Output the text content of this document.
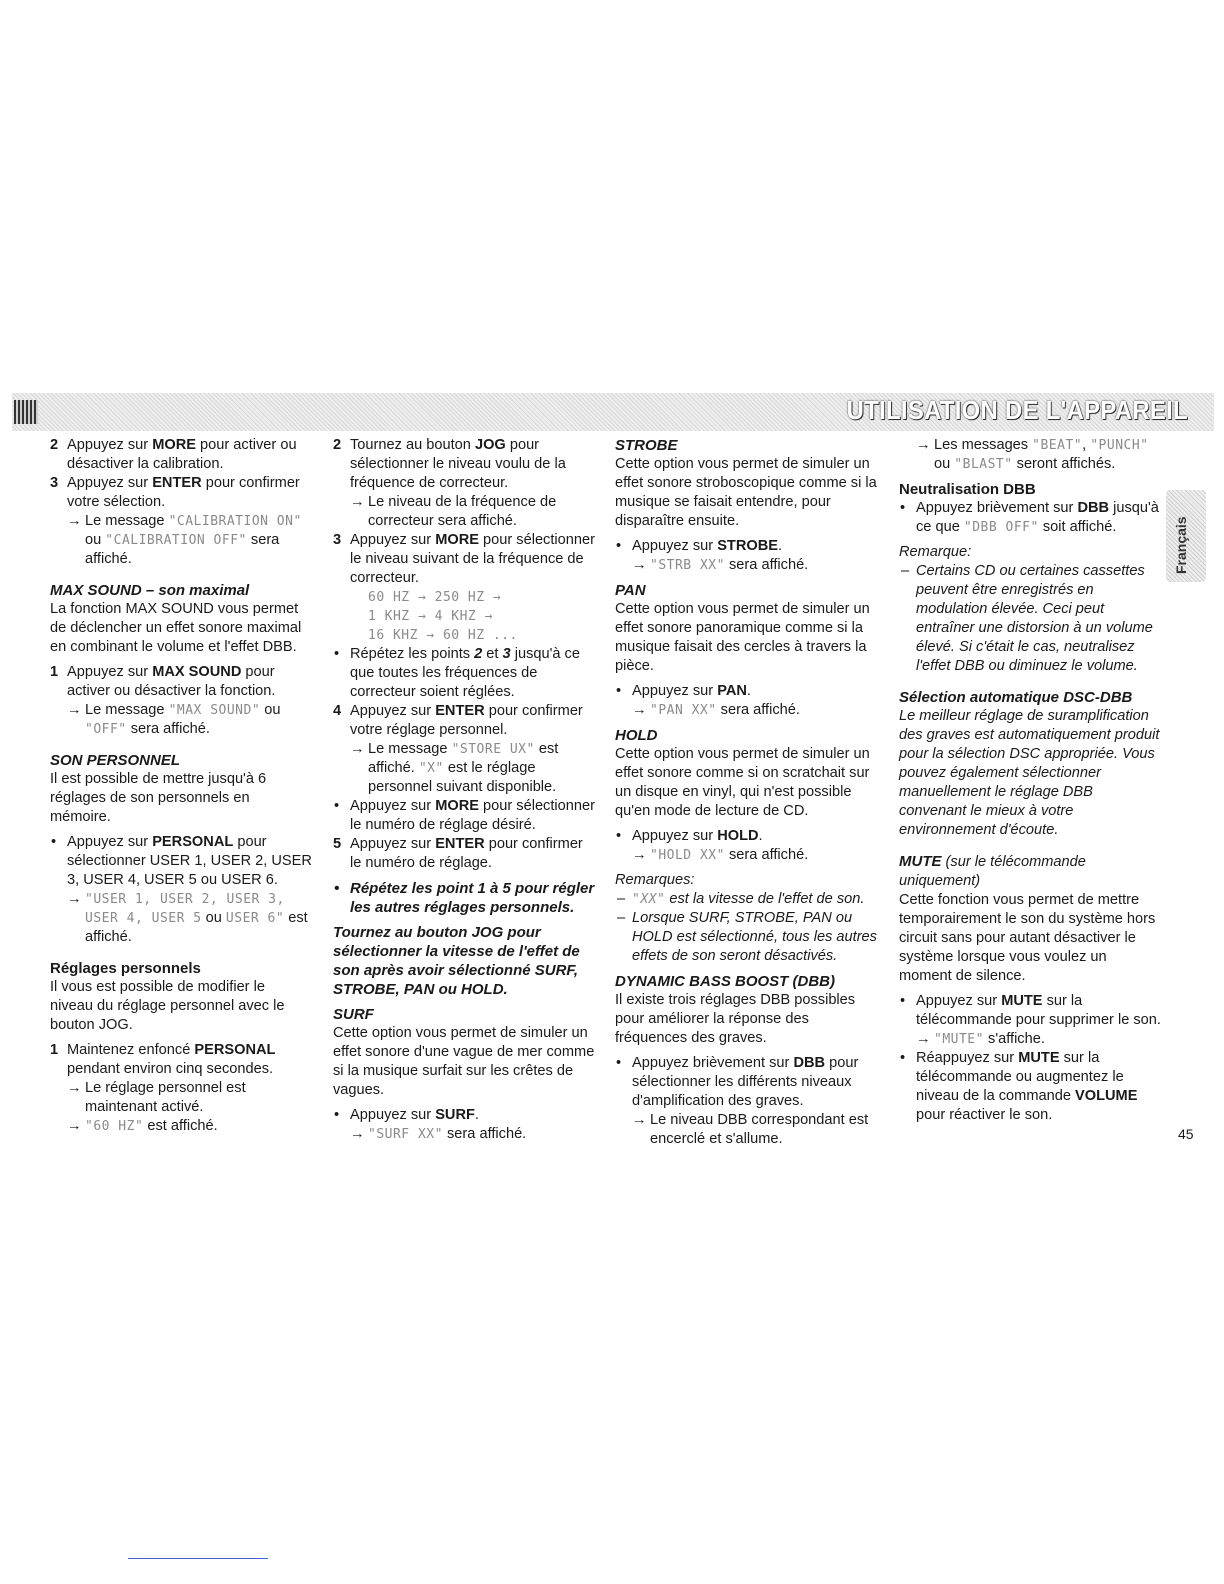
UTILISATION DE L'APPAREIL
Français

2 Appuyez sur MORE pour activer ou désactiver la calibration.

3 Appuyez sur ENTER pour confirmer votre sélection.

→ Le message "CALIBRATION ON" ou "CALIBRATION OFF" sera affiché.

MAX SOUND – son maximal

La fonction MAX SOUND vous permet de déclencher un effet sonore maximal en combinant le volume et l'effet DBB.

1 Appuyez sur MAX SOUND pour activer ou désactiver la fonction.

→ Le message "MAX SOUND" ou "OFF" sera affiché.

SON PERSONNEL

Il est possible de mettre jusqu'à 6 réglages de son personnels en mémoire.

• Appuyez sur PERSONAL pour sélectionner USER 1, USER 2, USER 3, USER 4, USER 5 ou USER 6.

→ "USER 1, USER 2, USER 3, USER 4, USER 5 ou USER 6" est affiché.

Réglages personnels

Il vous est possible de modifier le niveau du réglage personnel avec le bouton JOG.

1 Maintenez enfoncé PERSONAL pendant environ cinq secondes.

→ Le réglage personnel est maintenant activé.

→ "60 HZ" est affiché.

2 Tournez au bouton JOG pour sélectionner le niveau voulu de la fréquence de correcteur.

→ Le niveau de la fréquence de correcteur sera affiché.

3 Appuyez sur MORE pour sélectionner le niveau suivant de la fréquence de correcteur.

60 HZ → 250 HZ →

1 KHZ → 4 KHZ →

16 KHZ → 60 HZ ...

• Répétez les points 2 et 3 jusqu'à ce que toutes les fréquences de correcteur soient réglées.

4 Appuyez sur ENTER pour confirmer votre réglage personnel.

→ Le message "STORE UX" est affiché. "X" est le réglage personnel suivant disponible.

• Appuyez sur MORE pour sélectionner le numéro de réglage désiré.

5 Appuyez sur ENTER pour confirmer le numéro de réglage.

• Répétez les point 1 à 5 pour régler les autres réglages personnels.

Tournez au bouton JOG pour sélectionner la vitesse de l'effet de son après avoir sélectionné SURF, STROBE, PAN ou HOLD.

SURF

Cette option vous permet de simuler un effet sonore d'une vague de mer comme si la musique surfait sur les crêtes de vagues.

• Appuyez sur SURF.

→ "SURF XX" sera affiché.

STROBE

Cette option vous permet de simuler un effet sonore stroboscopique comme si la musique se faisait entendre, pour disparaître ensuite.

• Appuyez sur STROBE.

→ "STRB XX" sera affiché.

PAN

Cette option vous permet de simuler un effet sonore panoramique comme si la musique faisait des cercles à travers la pièce.

• Appuyez sur PAN.

→ "PAN XX" sera affiché.

HOLD

Cette option vous permet de simuler un effet sonore comme si on scratchait sur un disque en vinyl, qui n'est possible qu'en mode de lecture de CD.

• Appuyez sur HOLD.

→ "HOLD XX" sera affiché.

Remarques:

– "XX" est la vitesse de l'effet de son.

– Lorsque SURF, STROBE, PAN ou HOLD est sélectionné, tous les autres effets de son seront désactivés.

DYNAMIC BASS BOOST (DBB)

Il existe trois réglages DBB possibles pour améliorer la réponse des fréquences des graves.

• Appuyez brièvement sur DBB pour sélectionner les différents niveaux d'amplification des graves.

→ Le niveau DBB correspondant est encerclé et s'allume.

→ Les messages "BEAT", "PUNCH" ou "BLAST" seront affichés.

Neutralisation DBB

• Appuyez brièvement sur DBB jusqu'à ce que "DBB OFF" soit affiché.

Remarque:

– Certains CD ou certaines cassettes peuvent être enregistrés en modulation élevée. Ceci peut entraîner une distorsion à un volume élevé. Si c'était le cas, neutralisez l'effet DBB ou diminuez le volume.

Sélection automatique DSC-DBB

Le meilleur réglage de suramplification des graves est automatiquement produit pour la sélection DSC appropriée. Vous pouvez également sélectionner manuellement le réglage DBB convenant le mieux à votre environnement d'écoute.

MUTE (sur le télécommande uniquement)

Cette fonction vous permet de mettre temporairement le son du système hors circuit sans pour autant désactiver le système lorsque vous voulez un moment de silence.

• Appuyez sur MUTE sur la télécommande pour supprimer le son.

→ "MUTE" s'affiche.

• Réappuyez sur MUTE sur la télécommande ou augmentez le niveau de la commande VOLUME pour réactiver le son.

45
